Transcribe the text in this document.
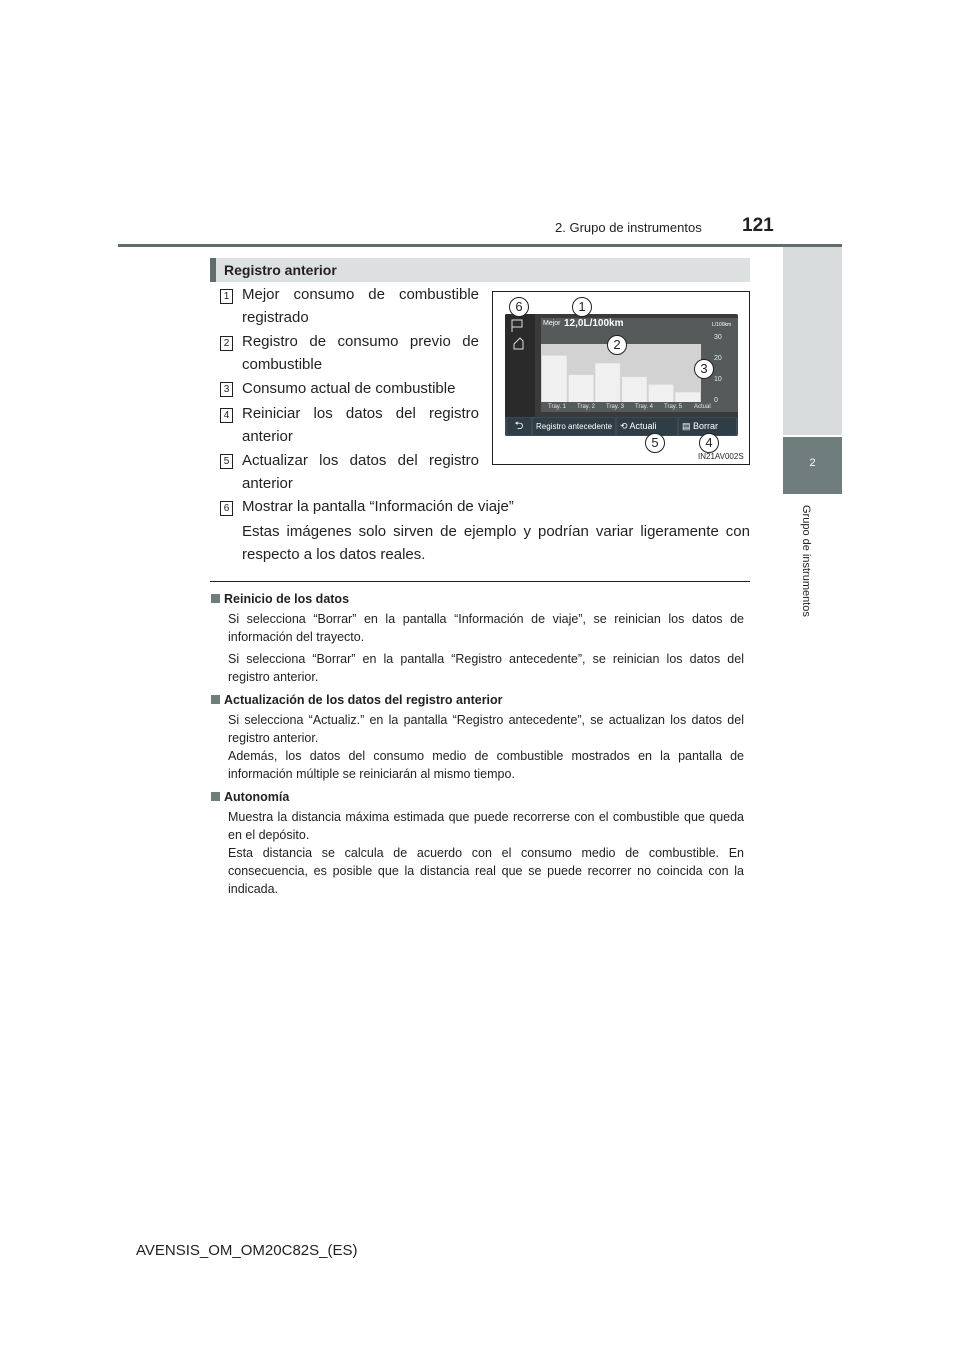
2. Grupo de instrumentos 121
2
Grupo de instrumentos
Registro anterior
1 Mejor consumo de combustible registrado
2 Registro de consumo previo de combustible
3 Consumo actual de combustible
4 Reiniciar los datos del registro anterior
5 Actualizar los datos del registro anterior
6 Mostrar la pantalla “Información de viaje”
Estas imágenes solo sirven de ejemplo y podrían variar ligeramente con respecto a los datos reales.
Mejor 12,0L/100km	L/100km
30
20
10
0
Tray. 1 Tray. 2 Tray. 3 Tray. 4 Tray. 5 Actual
⮌	Registro antecedente ⟲ Actuali	▤ Borrar
6	1
2
3
5	4
IN21AV002S
Reinicio de los datos
Si selecciona “Borrar” en la pantalla “Información de viaje”, se reinician los datos de información del trayecto.
Si selecciona “Borrar” en la pantalla “Registro antecedente”, se reinician los datos del registro anterior.
Actualización de los datos del registro anterior
Si selecciona “Actualiz.” en la pantalla “Registro antecedente”, se actualizan los datos del registro anterior.
Además, los datos del consumo medio de combustible mostrados en la pantalla de información múltiple se reiniciarán al mismo tiempo.
Autonomía
Muestra la distancia máxima estimada que puede recorrerse con el combustible que queda en el depósito.
Esta distancia se calcula de acuerdo con el consumo medio de combustible. En consecuencia, es posible que la distancia real que se puede recorrer no coincida con la indicada.
AVENSIS_OM_OM20C82S_(ES)
